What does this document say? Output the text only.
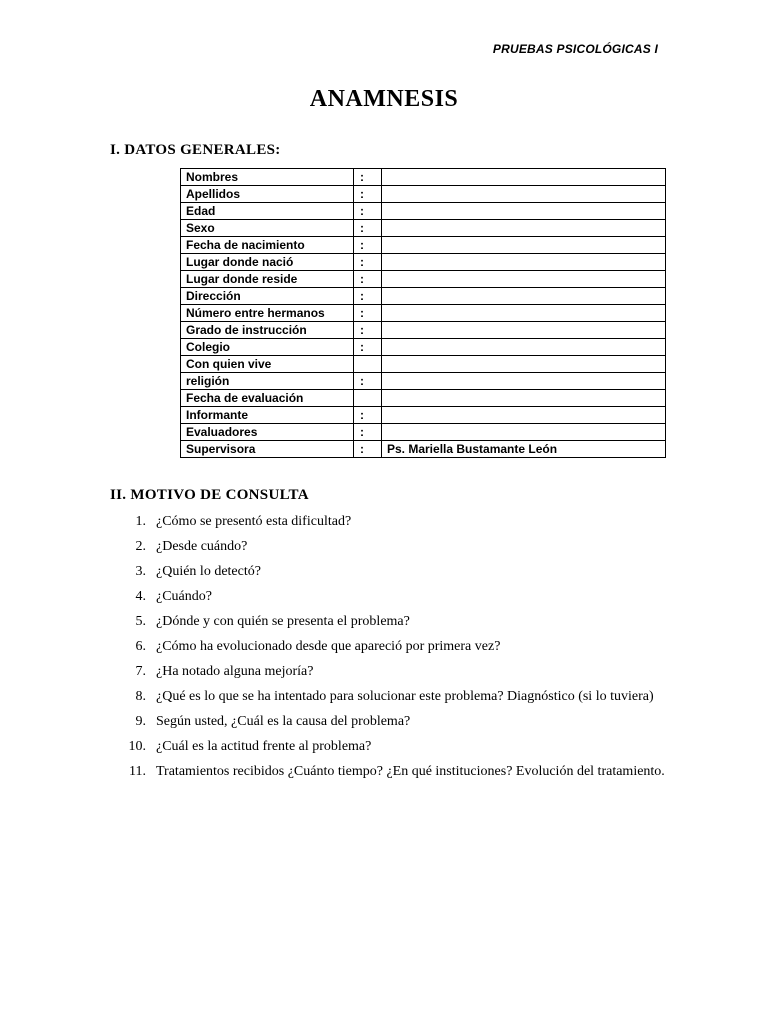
PRUEBAS PSICOLÓGICAS I
ANAMNESIS
I. DATOS GENERALES:
Nombres	:	
Apellidos	:	
Edad	:	
Sexo	:	
Fecha de nacimiento	:	
Lugar donde nació	:	
Lugar donde reside	:	
Dirección	:	
Número entre hermanos	:	
Grado de instrucción	:	
Colegio	:	
Con quien vive		
religión	:	
Fecha de evaluación		
Informante	:	
Evaluadores	:	
Supervisora	:	Ps. Mariella Bustamante León
II. MOTIVO DE CONSULTA
1. ¿Cómo se presentó esta dificultad?
2. ¿Desde cuándo?
3. ¿Quién lo detectó?
4. ¿Cuándo?
5. ¿Dónde y con quién se presenta el problema?
6. ¿Cómo ha evolucionado desde que apareció por primera vez?
7. ¿Ha notado alguna mejoría?
8. ¿Qué es lo que se ha intentado para solucionar este problema? Diagnóstico (si lo tuviera)
9. Según usted, ¿Cuál es la causa del problema?
10. ¿Cuál es la actitud frente al problema?
11. Tratamientos recibidos ¿Cuánto tiempo? ¿En qué instituciones? Evolución del tratamiento.
